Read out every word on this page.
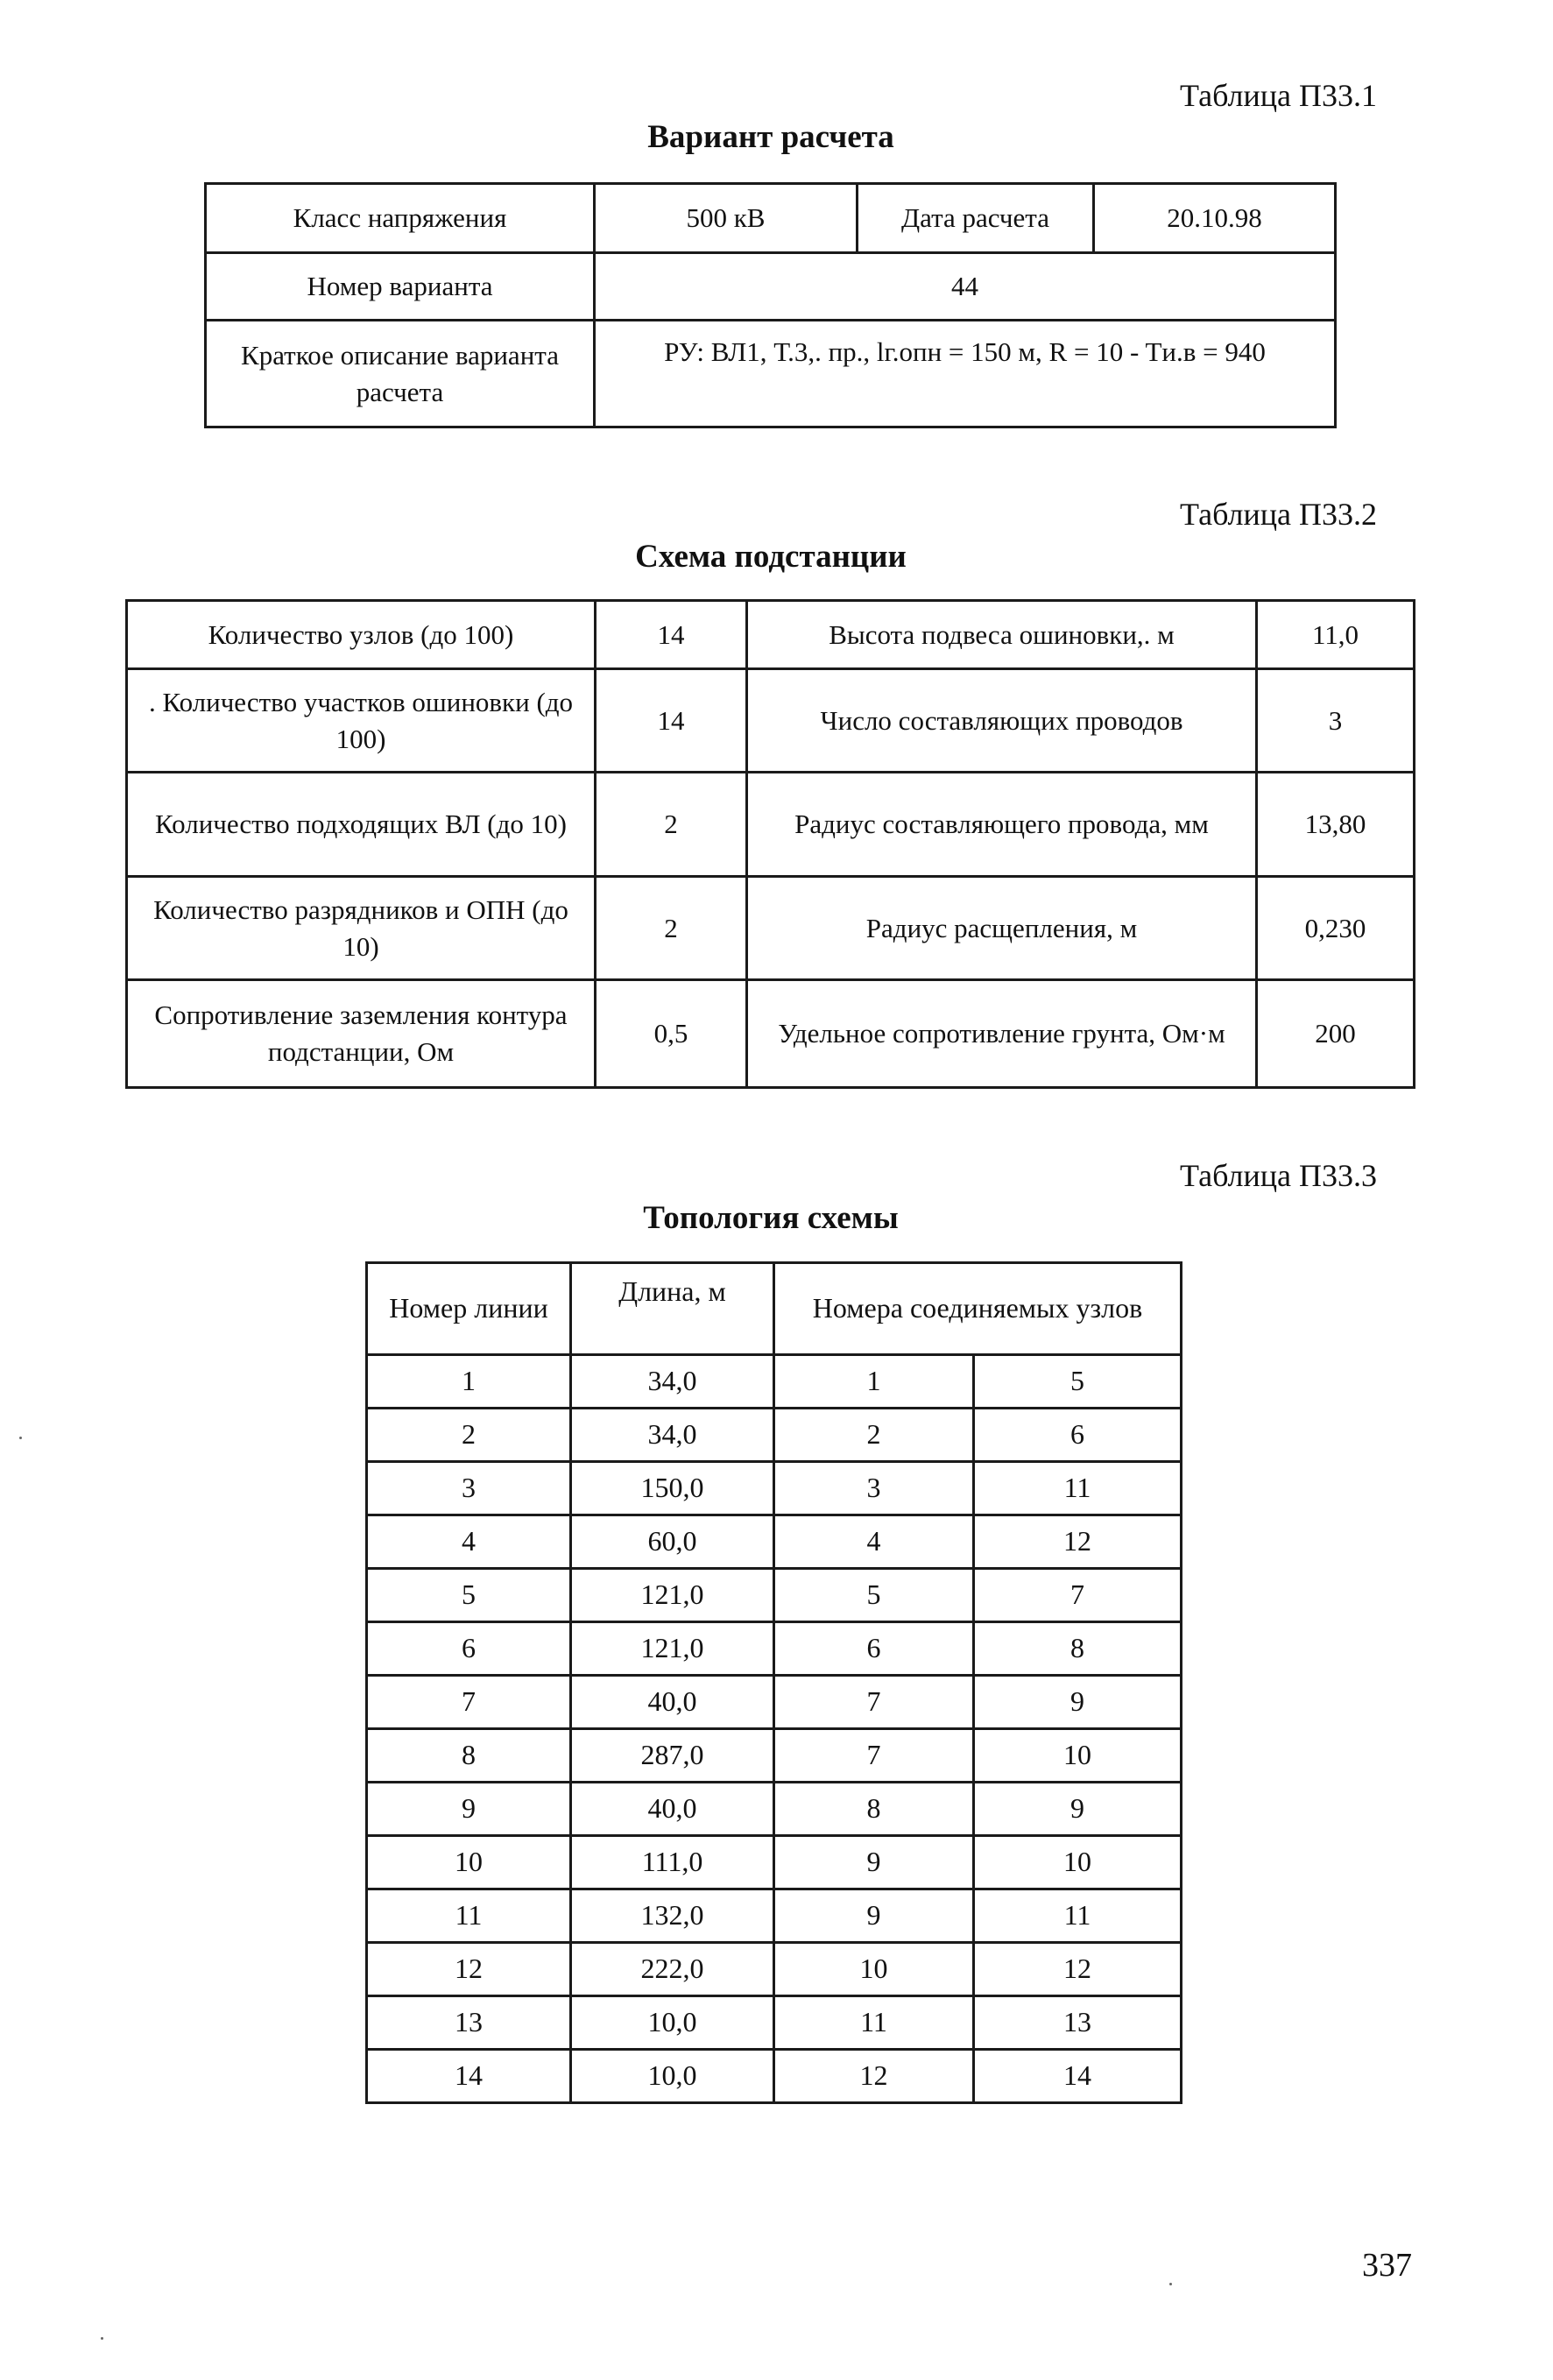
Таблица П33.1
Вариант расчета
Класс напряжения	500 кВ	Дата расчета	20.10.98
Номер варианта	44		
Краткое описание варианта расчета	РУ: ВЛ1, Т.3,. пр., lг.опн = 150 м, R = 10 - Tи.в = 940		
Таблица П33.2
Схема подстанции
Количество узлов (до 100)	14	Высота подвеса ошиновки,. м	11,0
. Количество участков ошиновки (до 100)	14	Число составляющих проводов	3
Количество подходящих ВЛ (до 10)	2	Радиус составляющего провода, мм	13,80
Количество разрядников и ОПН (до 10)	2	Радиус расщепления, м	0,230
Сопротивление заземления контура подстанции, Ом	0,5	Удельное сопротивление грунта, Ом·м	200
Таблица П33.3
Топология схемы
Номер линии	Длина, м	Номера соединяемых узлов	
1	34,0	1	5
2	34,0	2	6
3	150,0	3	11
4	60,0	4	12
5	121,0	5	7
6	121,0	6	8
7	40,0	7	9
8	287,0	7	10
9	40,0	8	9
10	111,0	9	10
11	132,0	9	11
12	222,0	10	12
13	10,0	11	13
14	10,0	12	14
337
